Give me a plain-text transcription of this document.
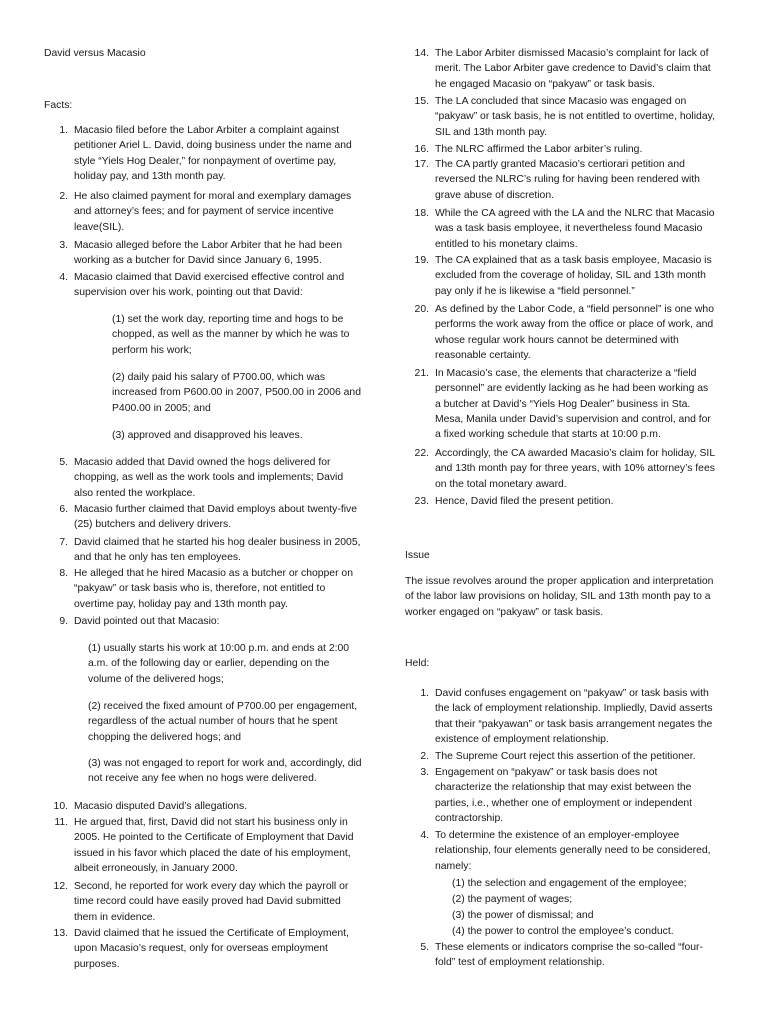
David versus Macasio
Facts:
1. Macasio filed before the Labor Arbiter a complaint against petitioner Ariel L. David, doing business under the name and style “Yiels Hog Dealer,” for nonpayment of overtime pay, holiday pay, and 13th month pay.
2. He also claimed payment for moral and exemplary damages and attorney’s fees; and for payment of service incentive leave(SIL).
3. Macasio alleged before the Labor Arbiter that he had been working as a butcher for David since January 6, 1995.
4. Macasio claimed that David exercised effective control and supervision over his work, pointing out that David:
(1) set the work day, reporting time and hogs to be chopped, as well as the manner by which he was to perform his work;
(2) daily paid his salary of P700.00, which was increased from P600.00 in 2007, P500.00 in 2006 and P400.00 in 2005; and
(3) approved and disapproved his leaves.
5. Macasio added that David owned the hogs delivered for chopping, as well as the work tools and implements; David also rented the workplace.
6. Macasio further claimed that David employs about twenty-five (25) butchers and delivery drivers.
7. David claimed that he started his hog dealer business in 2005, and that he only has ten employees.
8. He alleged that he hired Macasio as a butcher or chopper on “pakyaw” or task basis who is, therefore, not entitled to overtime pay, holiday pay and 13th month pay.
9. David pointed out that Macasio:
(1) usually starts his work at 10:00 p.m. and ends at 2:00 a.m. of the following day or earlier, depending on the volume of the delivered hogs;
(2) received the fixed amount of P700.00 per engagement, regardless of the actual number of hours that he spent chopping the delivered hogs; and
(3) was not engaged to report for work and, accordingly, did not receive any fee when no hogs were delivered.
10. Macasio disputed David’s allegations.
11. He argued that, first, David did not start his business only in 2005. He pointed to the Certificate of Employment that David issued in his favor which placed the date of his employment, albeit erroneously, in January 2000.
12. Second, he reported for work every day which the payroll or time record could have easily proved had David submitted them in evidence.
13. David claimed that he issued the Certificate of Employment, upon Macasio’s request, only for overseas employment purposes.
14. The Labor Arbiter dismissed Macasio’s complaint for lack of merit. The Labor Arbiter gave credence to David’s claim that he engaged Macasio on “pakyaw” or task basis.
15. The LA concluded that since Macasio was engaged on “pakyaw” or task basis, he is not entitled to overtime, holiday, SIL and 13th month pay.
16. The NLRC affirmed the Labor arbiter’s ruling.
17. The CA partly granted Macasio’s certiorari petition and reversed the NLRC’s ruling for having been rendered with grave abuse of discretion.
18. While the CA agreed with the LA and the NLRC that Macasio was a task basis employee, it nevertheless found Macasio entitled to his monetary claims.
19. The CA explained that as a task basis employee, Macasio is excluded from the coverage of holiday, SIL and 13th month pay only if he is likewise a “field personnel.”
20. As defined by the Labor Code, a “field personnel” is one who performs the work away from the office or place of work, and whose regular work hours cannot be determined with reasonable certainty.
21. In Macasio’s case, the elements that characterize a “field personnel” are evidently lacking as he had been working as a butcher at David’s “Yiels Hog Dealer” business in Sta. Mesa, Manila under David’s supervision and control, and for a fixed working schedule that starts at 10:00 p.m.
22. Accordingly, the CA awarded Macasio’s claim for holiday, SIL and 13th month pay for three years, with 10% attorney’s fees on the total monetary award.
23. Hence, David filed the present petition.
Issue
The issue revolves around the proper application and interpretation of the labor law provisions on holiday, SIL and 13th month pay to a worker engaged on “pakyaw” or task basis.
Held:
1. David confuses engagement on “pakyaw” or task basis with the lack of employment relationship. Impliedly, David asserts that their “pakyawan” or task basis arrangement negates the existence of employment relationship.
2. The Supreme Court reject this assertion of the petitioner.
3. Engagement on “pakyaw” or task basis does not characterize the relationship that may exist between the parties, i.e., whether one of employment or independent contractorship.
4. To determine the existence of an employer-employee relationship, four elements generally need to be considered, namely:
(1) the selection and engagement of the employee;
(2) the payment of wages;
(3) the power of dismissal; and
(4) the power to control the employee’s conduct.
5. These elements or indicators comprise the so-called “four-fold” test of employment relationship.
